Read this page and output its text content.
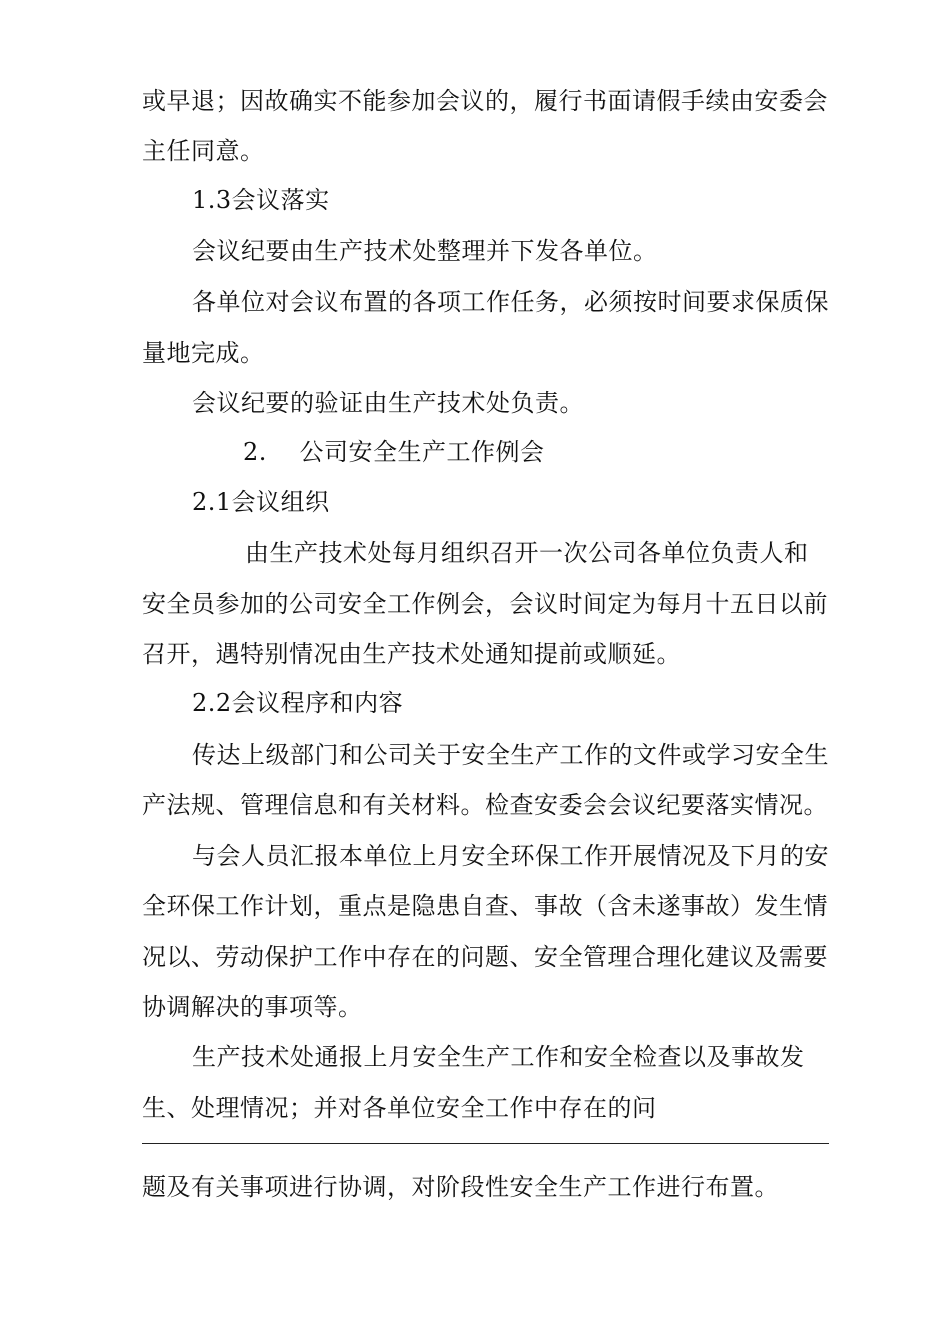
或早退；因故确实不能参加会议的，履行书面请假手续由安委会
主任同意。
1.3会议落实
会议纪要由生产技术处整理并下发各单位。
各单位对会议布置的各项工作任务，必须按时间要求保质保
量地完成。
会议纪要的验证由生产技术处负责。
2.　 公司安全生产工作例会
2.1会议组织
由生产技术处每月组织召开一次公司各单位负责人和
安全员参加的公司安全工作例会，会议时间定为每月十五日以前
召开，遇特别情况由生产技术处通知提前或顺延。
2.2会议程序和内容
传达上级部门和公司关于安全生产工作的文件或学习安全生
产法规、管理信息和有关材料。检查安委会会议纪要落实情况。
与会人员汇报本单位上月安全环保工作开展情况及下月的安
全环保工作计划，重点是隐患自查、事故（含未遂事故）发生情
况以、劳动保护工作中存在的问题、安全管理合理化建议及需要
协调解决的事项等。
生产技术处通报上月安全生产工作和安全检查以及事故发
生、处理情况；并对各单位安全工作中存在的问
题及有关事项进行协调，对阶段性安全生产工作进行布置。
